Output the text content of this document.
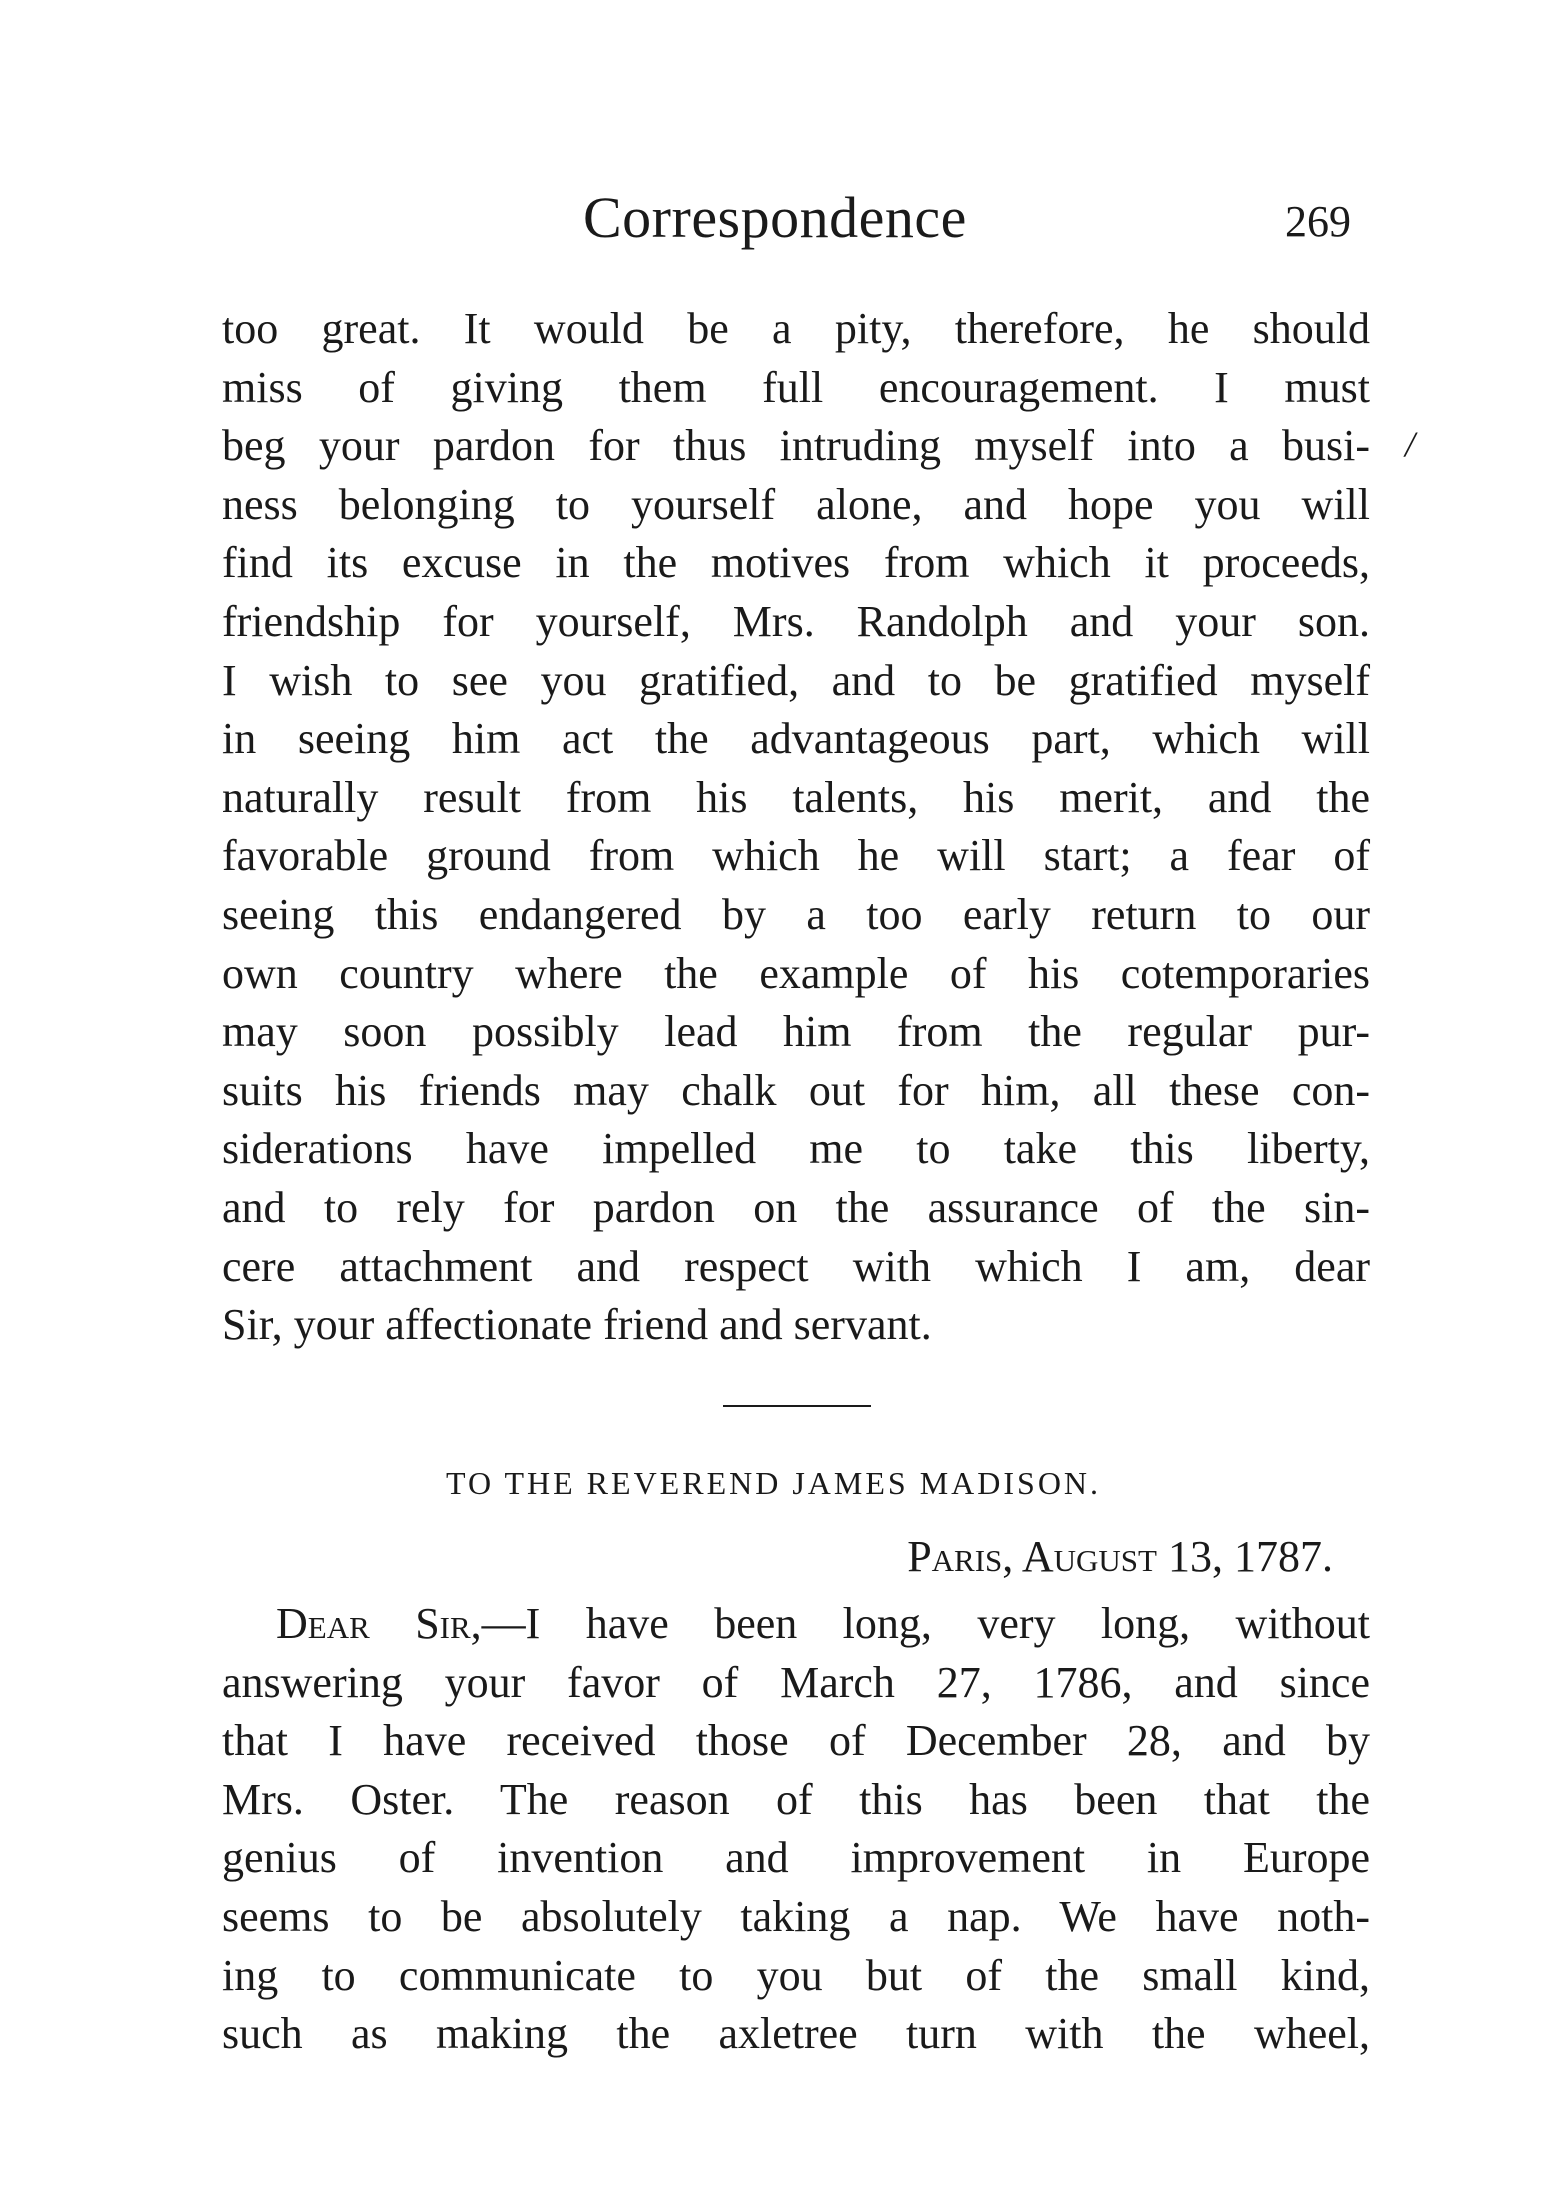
Correspondence	269
too great. It would be a pity, therefore, he should
miss of giving them full encouragement. I must
beg your pardon for thus intruding myself into a busi-
ness belonging to yourself alone, and hope you will
find its excuse in the motives from which it proceeds,
friendship for yourself, Mrs. Randolph and your son.
I wish to see you gratified, and to be gratified myself
in seeing him act the advantageous part, which will
naturally result from his talents, his merit, and the
favorable ground from which he will start; a fear of
seeing this endangered by a too early return to our
own country where the example of his cotemporaries
may soon possibly lead him from the regular pur-
suits his friends may chalk out for him, all these con-
siderations have impelled me to take this liberty,
and to rely for pardon on the assurance of the sin-
cere attachment and respect with which I am, dear
Sir, your affectionate friend and servant.
/
TO THE REVEREND JAMES MADISON.
Paris, August 13, 1787.
Dear Sir,—I have been long, very long, without
answering your favor of March 27, 1786, and since
that I have received those of December 28, and by
Mrs. Oster. The reason of this has been that the
genius of invention and improvement in Europe
seems to be absolutely taking a nap. We have noth-
ing to communicate to you but of the small kind,
such as making the axletree turn with the wheel,
